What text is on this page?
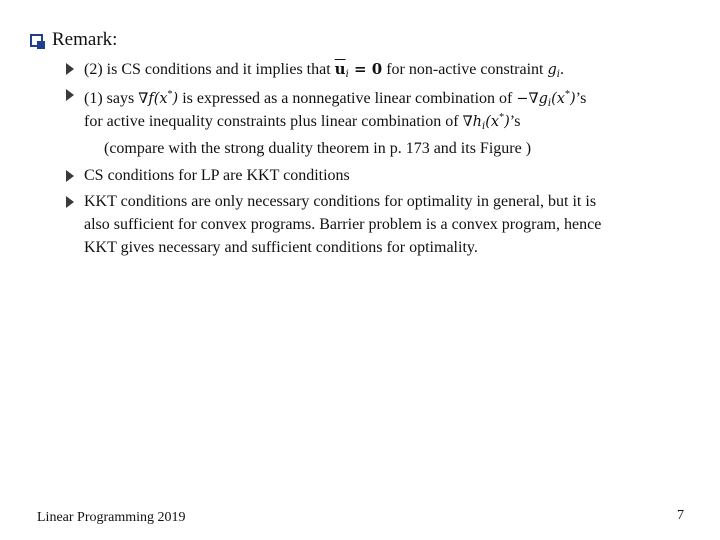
Remark:
(2) is CS conditions and it implies that $\overline{u}_i = 0$ for non-active constraint $g_i$.
(1) says ∇f(x*) is expressed as a nonnegative linear combination of $-\nabla g_i(x^*)’s$
for active inequality constraints plus linear combination of $\nabla h_i(x^*)’s$
(compare with the strong duality theorem in p. 173 and its Figure )
CS conditions for LP are KKT conditions
KKT conditions are only necessary conditions for optimality in general, but it is
also sufficient for convex programs. Barrier problem is a convex program, hence
KKT gives necessary and sufficient conditions for optimality.
Linear Programming 2019	7
